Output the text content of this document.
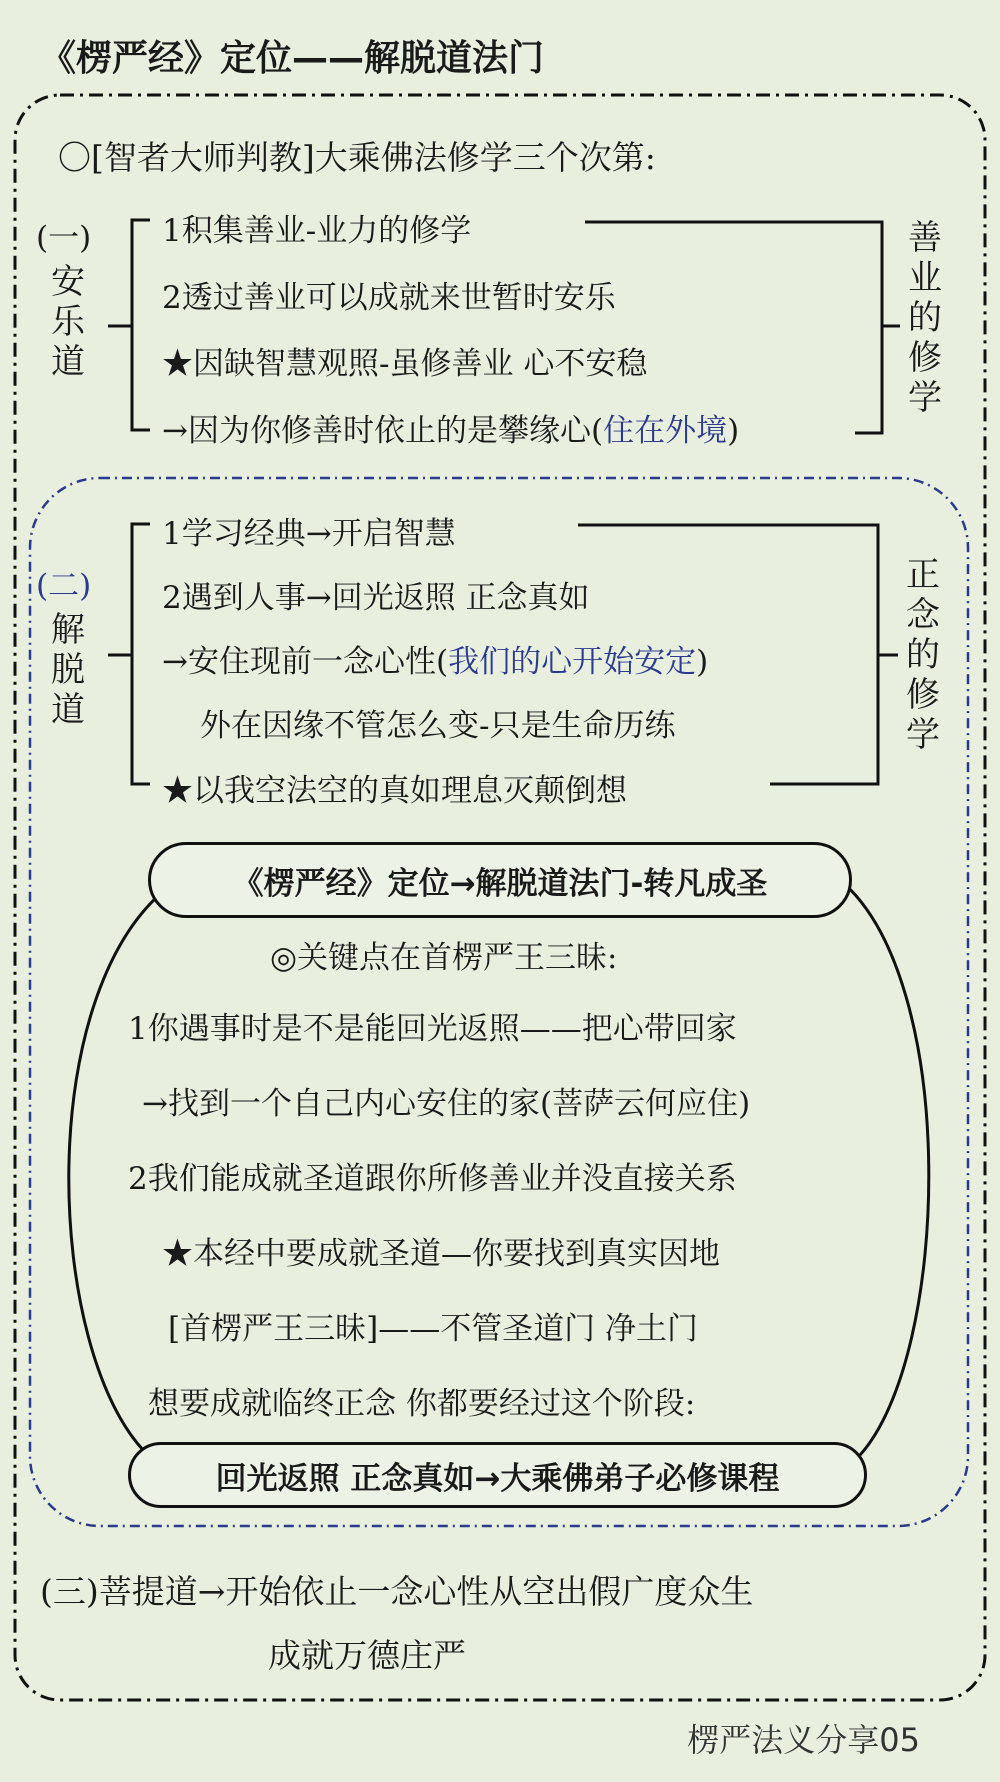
《楞严经》定位——解脱道法门
〇[智者大师判教]大乘佛法修学三个次第:
(一)
安乐道
1积集善业-业力的修学
2透过善业可以成就来世暂时安乐
★因缺智慧观照-虽修善业 心不安稳
→因为你修善时依止的是攀缘心(住在外境)
善业的修学
(二)
解脱道
1学习经典→开启智慧
2遇到人事→回光返照 正念真如
→安住现前一念心性(我们的心开始安定)
外在因缘不管怎么变-只是生命历练
★以我空法空的真如理息灭颠倒想
正念的修学
《楞严经》定位→解脱道法门-转凡成圣
◎关键点在首楞严王三昧:
1你遇事时是不是能回光返照——把心带回家
→找到一个自己内心安住的家(菩萨云何应住)
2我们能成就圣道跟你所修善业并没直接关系
★本经中要成就圣道—你要找到真实因地
[首楞严王三昧]——不管圣道门 净土门
想要成就临终正念 你都要经过这个阶段:
回光返照 正念真如→大乘佛弟子必修课程
(三)菩提道→开始依止一念心性从空出假广度众生
成就万德庄严
楞严法义分享05
